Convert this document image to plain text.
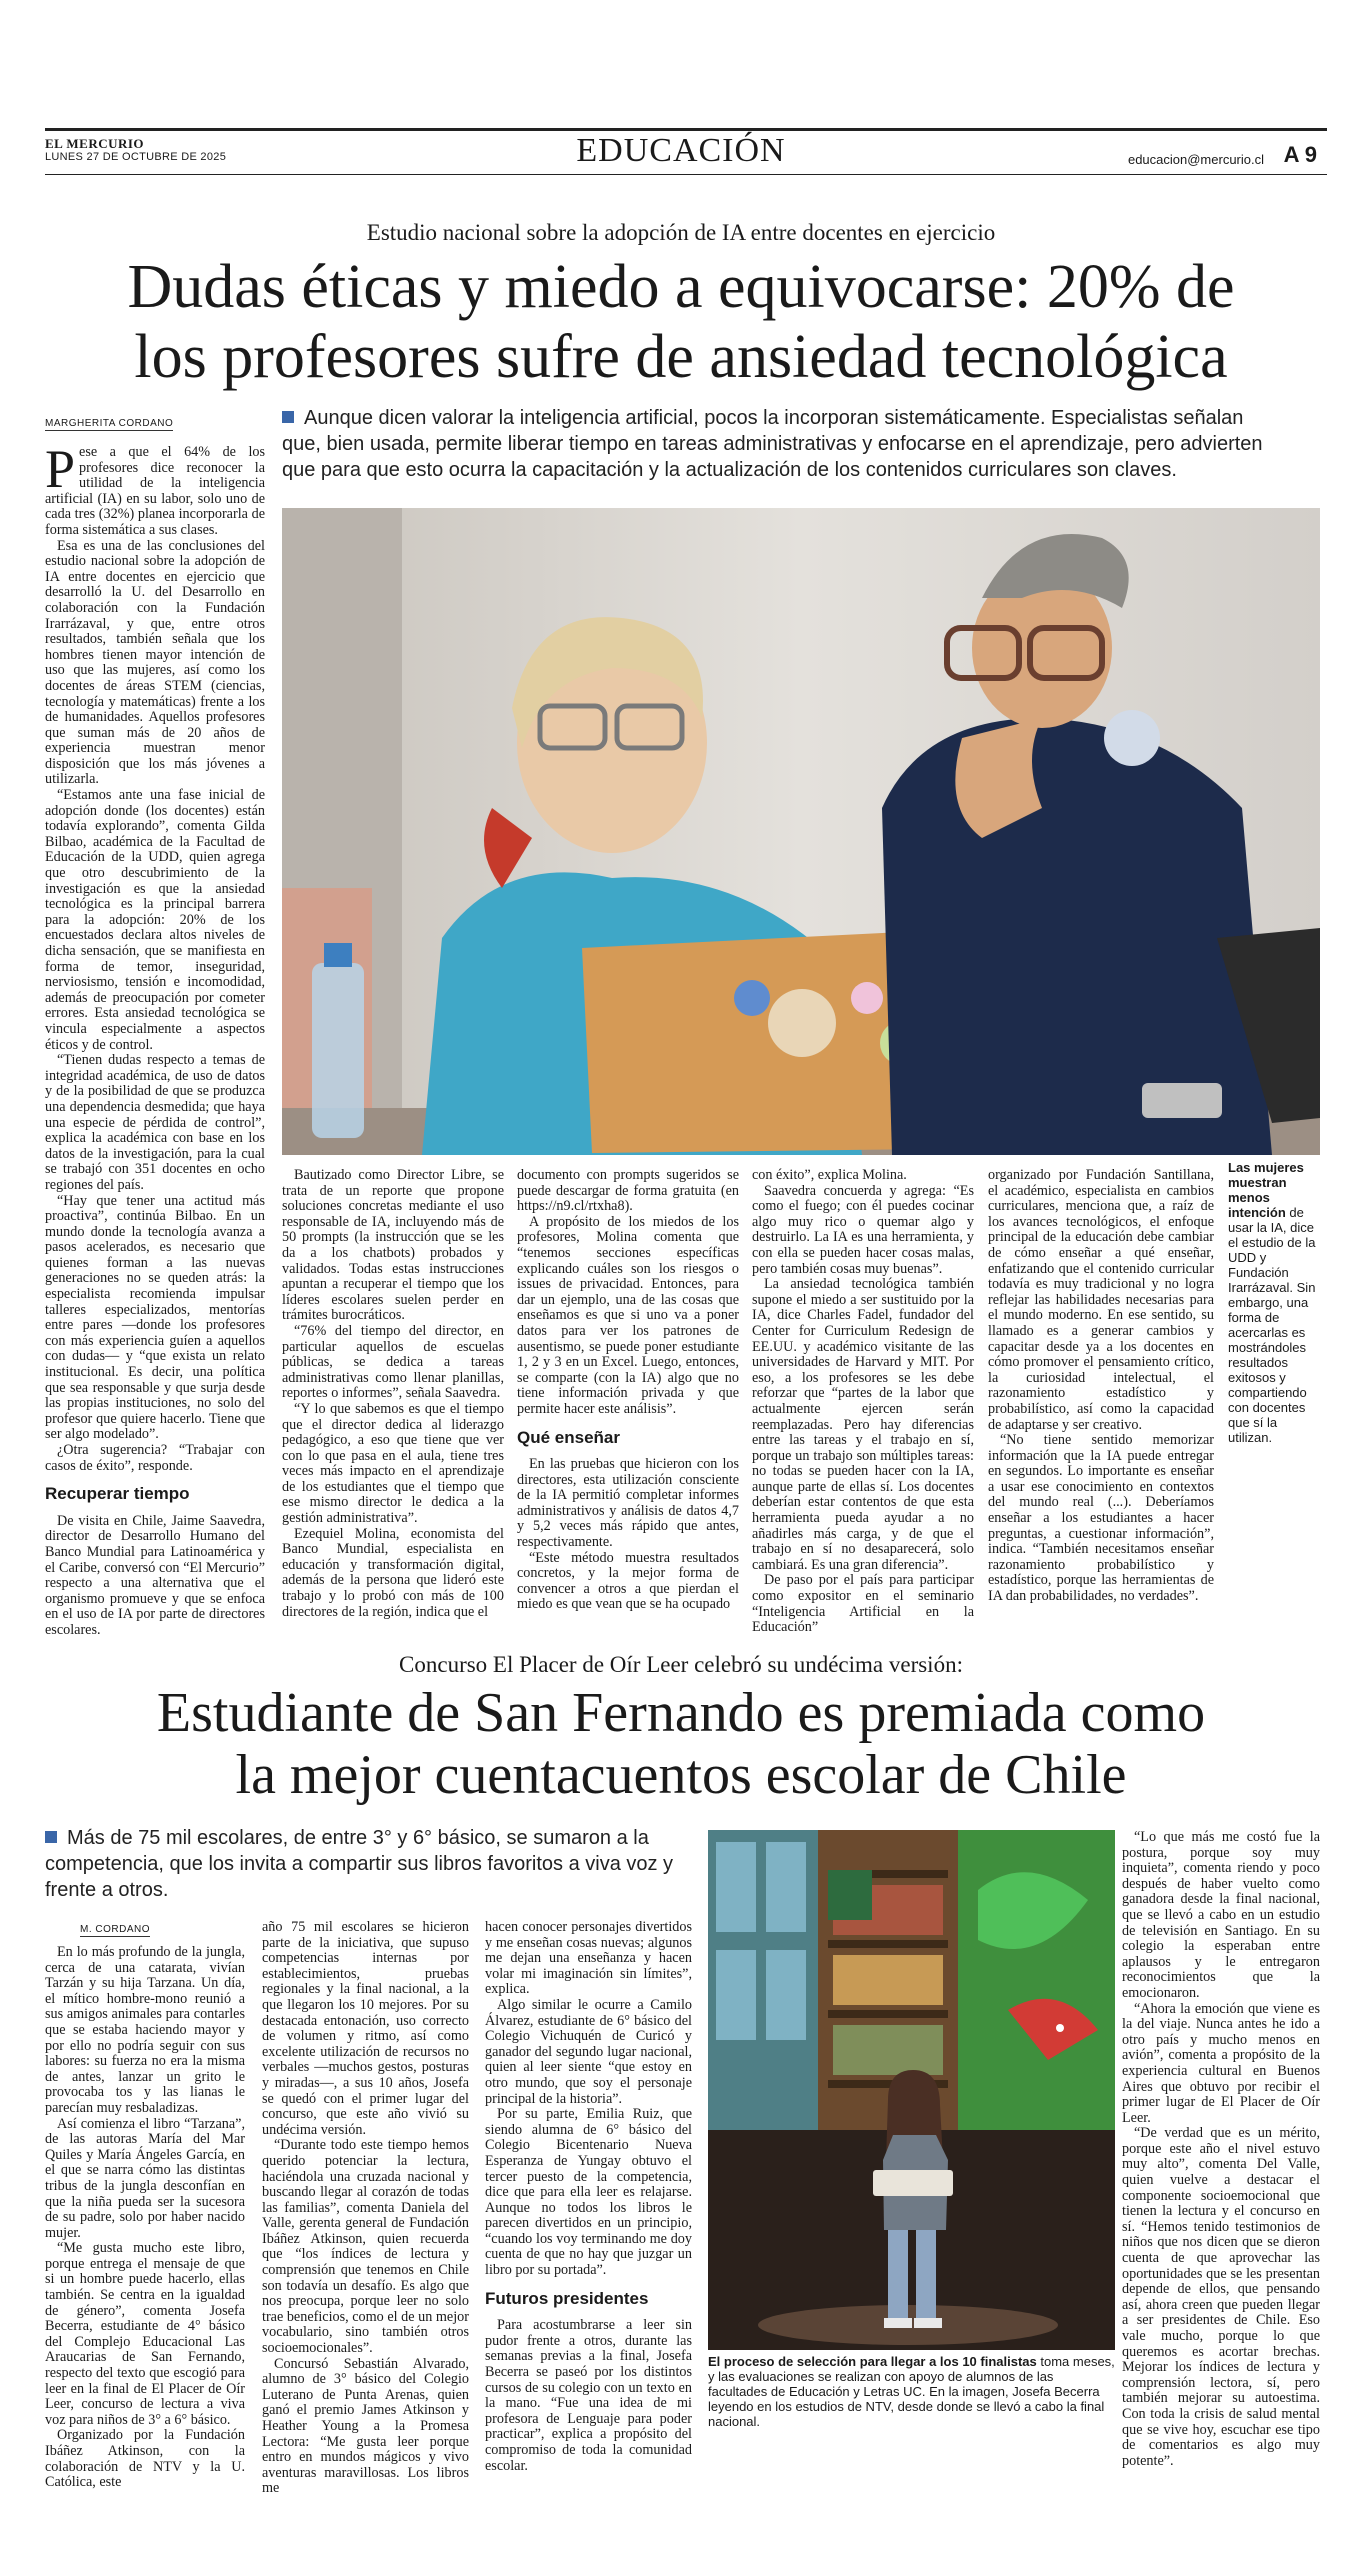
EL MERCURIO
LUNES 27 DE OCTUBRE DE 2025	EDUCACIÓN	educacion@mercurio.cl A 9
Estudio nacional sobre la adopción de IA entre docentes en ejercicio
Dudas éticas y miedo a equivocarse: 20% de
los profesores sufre de ansiedad tecnológica
MARGHERITA CORDANO	Aunque dicen valorar la inteligencia artificial, pocos la incorporan sistemáticamente. Especialistas señalan que, bien usada, permite liberar tiempo en tareas administrativas y enfocarse en el aprendizaje, pero advierten que para que esto ocurra la capacitación y la actualización de los contenidos curriculares son claves.
Las mujeres muestran menos intención de usar la IA, dice el estudio de la UDD y Fundación Irarrázaval. Sin embargo, una forma de acercarlas es mostrándoles resultados exitosos y compartiendo con docentes que sí la utilizan.

Pese a que el 64% de los profesores dice reconocer la utilidad de la inteligencia artificial (IA) en su labor, solo uno de cada tres (32%) planea incorporarla de forma sistemática a sus clases.

Esa es una de las conclusiones del estudio nacional sobre la adopción de IA entre docentes en ejercicio que desarrolló la U. del Desarrollo en colaboración con la Fundación Irarrázaval, y que, entre otros resultados, también señala que los hombres tienen mayor intención de uso que las mujeres, así como los docentes de áreas STEM (ciencias, tecnología y matemáticas) frente a los de humanidades. Aquellos profesores que suman más de 20 años de experiencia muestran menor disposición que los más jóvenes a utilizarla.

“Estamos ante una fase inicial de adopción donde (los docentes) están todavía explorando”, comenta Gilda Bilbao, académica de la Facultad de Educación de la UDD, quien agrega que otro descubrimiento de la investigación es que la ansiedad tecnológica es la principal barrera para la adopción: 20% de los encuestados declara altos niveles de dicha sensación, que se manifiesta en forma de temor, inseguridad, nerviosismo, tensión e incomodidad, además de preocupación por cometer errores. Esta ansiedad tecnológica se vincula especialmente a aspectos éticos y de control.

“Tienen dudas respecto a temas de integridad académica, de uso de datos y de la posibilidad de que se produzca una dependencia desmedida; que haya una especie de pérdida de control”, explica la académica con base en los datos de la investigación, para la cual se trabajó con 351 docentes en ocho regiones del país.

“Hay que tener una actitud más proactiva”, continúa Bilbao. En un mundo donde la tecnología avanza a pasos acelerados, es necesario que quienes forman a las nuevas generaciones no se queden atrás: la especialista recomienda impulsar talleres especializados, mentorías entre pares —donde los profesores con más experiencia guíen a aquellos con dudas— y “que exista un relato institucional. Es decir, una política que sea responsable y que surja desde las propias instituciones, no solo del profesor que quiere hacerlo. Tiene que ser algo modelado”.

¿Otra sugerencia? “Trabajar con casos de éxito”, responde.

Recuperar tiempo

De visita en Chile, Jaime Saavedra, director de Desarrollo Humano del Banco Mundial para Latinoamérica y el Caribe, conversó con “El Mercurio” respecto a una alternativa que el organismo promueve y que se enfoca en el uso de IA por parte de directores escolares.

Bautizado como Director Libre, se trata de un reporte que propone soluciones concretas mediante el uso responsable de IA, incluyendo más de 50 prompts (la instrucción que se les da a los chatbots) probados y validados. Todas estas instrucciones apuntan a recuperar el tiempo que los líderes escolares suelen perder en trámites burocráticos.

“76% del tiempo del director, en particular aquellos de escuelas públicas, se dedica a tareas administrativas como llenar planillas, reportes o informes”, señala Saavedra.

“Y lo que sabemos es que el tiempo que el director dedica al liderazgo pedagógico, a eso que tiene que ver con lo que pasa en el aula, tiene tres veces más impacto en el aprendizaje de los estudiantes que el tiempo que ese mismo director le dedica a la gestión administrativa”.

Ezequiel Molina, economista del Banco Mundial, especialista en educación y transformación digital, además de la persona que lideró este trabajo y lo probó con más de 100 directores de la región, indica que el

documento con prompts sugeridos se puede descargar de forma gratuita (en https://n9.cl/rtxha8).

A propósito de los miedos de los profesores, Molina comenta que “tenemos secciones específicas explicando cuáles son los riesgos o issues de privacidad. Entonces, para dar un ejemplo, una de las cosas que enseñamos es que si uno va a poner datos para ver los patrones de ausentismo, se puede poner estudiante 1, 2 y 3 en un Excel. Luego, entonces, se comparte (con la IA) algo que no tiene información privada y que permite hacer este análisis”.

Qué enseñar

En las pruebas que hicieron con los directores, esta utilización consciente de la IA permitió completar informes administrativos y análisis de datos 4,7 y 5,2 veces más rápido que antes, respectivamente.

“Este método muestra resultados concretos, y la mejor forma de convencer a otros a que pierdan el miedo es que vean que se ha ocupado

con éxito”, explica Molina.

Saavedra concuerda y agrega: “Es como el fuego; con él puedes cocinar algo muy rico o quemar algo y destruirlo. La IA es una herramienta, y con ella se pueden hacer cosas malas, pero también cosas muy buenas”.

La ansiedad tecnológica también supone el miedo a ser sustituido por la IA, dice Charles Fadel, fundador del Center for Curriculum Redesign de EE.UU. y académico visitante de las universidades de Harvard y MIT. Por eso, a los profesores se les debe reforzar que “partes de la labor que actualmente ejercen serán reemplazadas. Pero hay diferencias entre las tareas y el trabajo en sí, porque un trabajo son múltiples tareas: no todas se pueden hacer con la IA, aunque parte de ellas sí. Los docentes deberían estar contentos de que esta herramienta pueda ayudar a no añadirles más carga, y de que el trabajo en sí no desaparecerá, solo cambiará. Es una gran diferencia”.

De paso por el país para participar como expositor en el seminario “Inteligencia Artificial en la Educación”

organizado por Fundación Santillana, el académico, especialista en cambios curriculares, menciona que, a raíz de los avances tecnológicos, el enfoque principal de la educación debe cambiar de cómo enseñar a qué enseñar, enfatizando que el contenido curricular todavía es muy tradicional y no logra reflejar las habilidades necesarias para el mundo moderno. En ese sentido, su llamado es a generar cambios y capacitar desde ya a los docentes en cómo promover el pensamiento crítico, la curiosidad intelectual, el razonamiento estadístico y probabilístico, así como la capacidad de adaptarse y ser creativo.

“No tiene sentido memorizar información que la IA puede entregar en segundos. Lo importante es enseñar a usar ese conocimiento en contextos del mundo real (...). Deberíamos enseñar a los estudiantes a hacer preguntas, a cuestionar información”, indica. “También necesitamos enseñar razonamiento probabilístico y estadístico, porque las herramientas de IA dan probabilidades, no verdades”.

Concurso El Placer de Oír Leer celebró su undécima versión:
Estudiante de San Fernando es premiada como
la mejor cuentacuentos escolar de Chile
Más de 75 mil escolares, de entre 3° y 6° básico, se sumaron a la competencia, que los invita a compartir sus libros favoritos a viva voz y frente a otros.
M. CORDANO
El proceso de selección para llegar a los 10 finalistas toma meses, y las evaluaciones se realizan con apoyo de alumnos de las facultades de Educación y Letras UC. En la imagen, Josefa Becerra leyendo en los estudios de NTV, desde donde se llevó a cabo la final nacional.

En lo más profundo de la jungla, cerca de una catarata, vivían Tarzán y su hija Tarzana. Un día, el mítico hombre-mono reunió a sus amigos animales para contarles que se estaba haciendo mayor y por ello no podría seguir con sus labores: su fuerza no era la misma de antes, lanzar un grito le provocaba tos y las lianas le parecían muy resbaladizas.

Así comienza el libro “Tarzana”, de las autoras María del Mar Quiles y María Ángeles García, en el que se narra cómo las distintas tribus de la jungla desconfían en que la niña pueda ser la sucesora de su padre, solo por haber nacido mujer.

“Me gusta mucho este libro, porque entrega el mensaje de que si un hombre puede hacerlo, ellas también. Se centra en la igualdad de género”, comenta Josefa Becerra, estudiante de 4° básico del Complejo Educacional Las Araucarias de San Fernando, respecto del texto que escogió para leer en la final de El Placer de Oír Leer, concurso de lectura a viva voz para niños de 3° a 6° básico.

Organizado por la Fundación Ibáñez Atkinson, con la colaboración de NTV y la U. Católica, este

año 75 mil escolares se hicieron parte de la iniciativa, que supuso competencias internas por establecimientos, pruebas regionales y la final nacional, a la que llegaron los 10 mejores. Por su destacada entonación, uso correcto de volumen y ritmo, así como excelente utilización de recursos no verbales —muchos gestos, posturas y miradas—, a sus 10 años, Josefa se quedó con el primer lugar del concurso, que este año vivió su undécima versión.

“Durante todo este tiempo hemos querido potenciar la lectura, haciéndola una cruzada nacional y buscando llegar al corazón de todas las familias”, comenta Daniela del Valle, gerenta general de Fundación Ibáñez Atkinson, quien recuerda que “los índices de lectura y comprensión que tenemos en Chile son todavía un desafío. Es algo que nos preocupa, porque leer no solo trae beneficios, como el de un mejor vocabulario, sino también otros socioemocionales”.

Concursó Sebastián Alvarado, alumno de 3° básico del Colegio Luterano de Punta Arenas, quien ganó el premio James Atkinson y Heather Young a la Promesa Lectora: “Me gusta leer porque entro en mundos mágicos y vivo aventuras maravillosas. Los libros me

hacen conocer personajes divertidos y me enseñan cosas nuevas; algunos me dejan una enseñanza y hacen volar mi imaginación sin límites”, explica.

Algo similar le ocurre a Camilo Álvarez, estudiante de 6° básico del Colegio Vichuquén de Curicó y ganador del segundo lugar nacional, quien al leer siente “que estoy en otro mundo, que soy el personaje principal de la historia”.

Por su parte, Emilia Ruiz, que siendo alumna de 6° básico del Colegio Bicentenario Nueva Esperanza de Yungay obtuvo el tercer puesto de la competencia, dice que para ella leer es relajarse. Aunque no todos los libros le parecen divertidos en un principio, “cuando los voy terminando me doy cuenta de que no hay que juzgar un libro por su portada”.

Futuros presidentes

Para acostumbrarse a leer sin pudor frente a otros, durante las semanas previas a la final, Josefa Becerra se paseó por los distintos cursos de su colegio con un texto en la mano. “Fue una idea de mi profesora de Lenguaje para poder practicar”, explica a propósito del compromiso de toda la comunidad escolar.

“Lo que más me costó fue la postura, porque soy muy inquieta”, comenta riendo y poco después de haber vuelto como ganadora desde la final nacional, que se llevó a cabo en un estudio de televisión en Santiago. En su colegio la esperaban entre aplausos y le entregaron reconocimientos que la emocionaron.

“Ahora la emoción que viene es la del viaje. Nunca antes he ido a otro país y mucho menos en avión”, comenta a propósito de la experiencia cultural en Buenos Aires que obtuvo por recibir el primer lugar de El Placer de Oír Leer.

“De verdad que es un mérito, porque este año el nivel estuvo muy alto”, comenta Del Valle, quien vuelve a destacar el componente socioemocional que tienen la lectura y el concurso en sí. “Hemos tenido testimonios de niños que nos dicen que se dieron cuenta de que aprovechar las oportunidades que se les presentan depende de ellos, que pensando así, ahora creen que pueden llegar a ser presidentes de Chile. Eso vale mucho, porque lo que queremos es acortar brechas. Mejorar los índices de lectura y comprensión lectora, sí, pero también mejorar su autoestima. Con toda la crisis de salud mental que se vive hoy, escuchar ese tipo de comentarios es algo muy potente”.
